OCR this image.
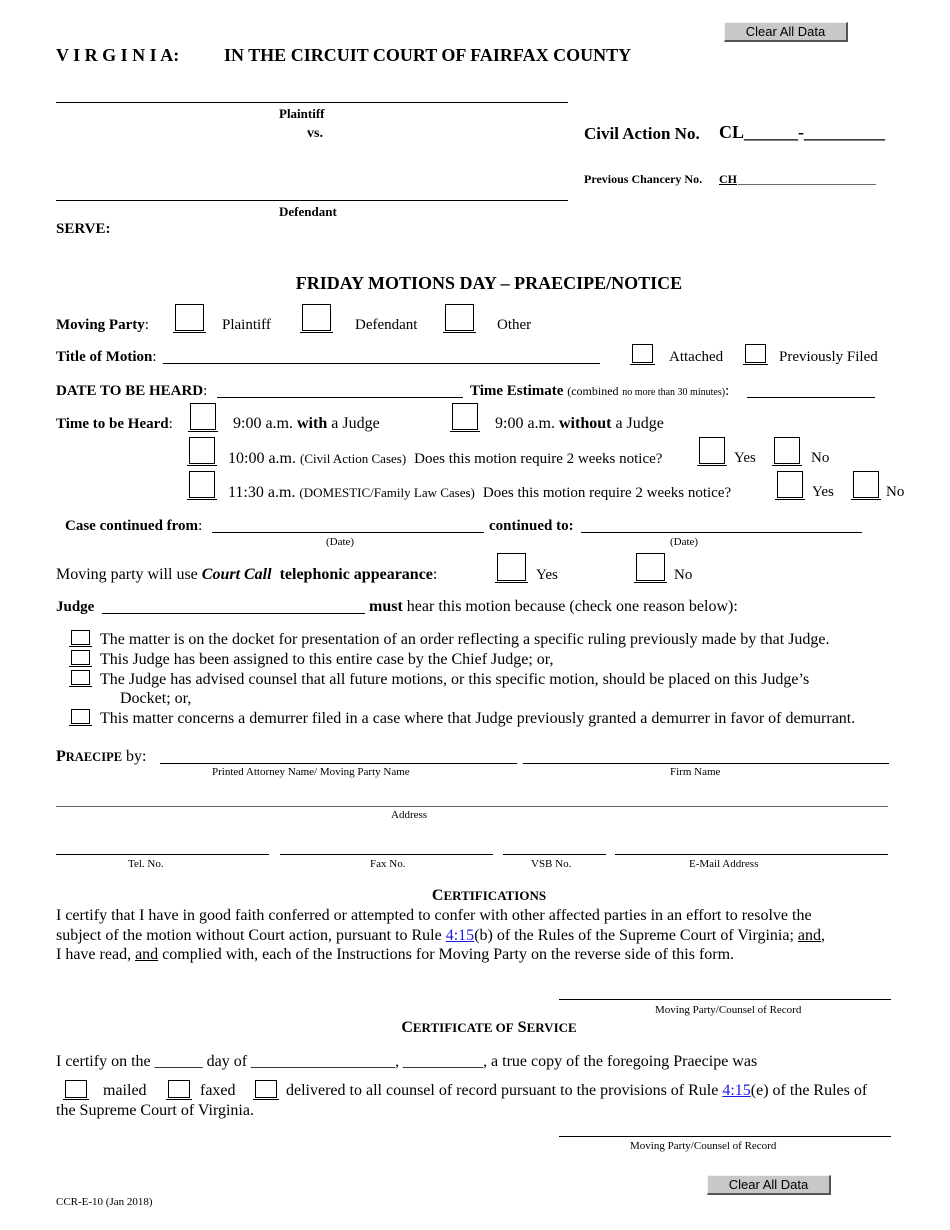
Clear All Data
V I R G I N I A: IN THE CIRCUIT COURT OF FAIRFAX COUNTY
Plaintiff
vs.
Defendant
SERVE:
Civil Action No. CL______-_________
Previous Chancery No. CH _______________________
FRIDAY MOTIONS DAY – PRAECIPE/NOTICE
Moving Party:	Plaintiff	Defendant	Other
Title of Motion:	Attached	Previously Filed
DATE TO BE HEARD:	Time Estimate (combined no more than 30 minutes):
Time to be Heard:	9:00 a.m. with a Judge	9:00 a.m. without a Judge
10:00 a.m. (Civil Action Cases) Does this motion require 2 weeks notice?	Yes	No
11:30 a.m. (DOMESTIC/Family Law Cases) Does this motion require 2 weeks notice?	Yes	No
Case continued from:
(Date)
continued to:
(Date)
Moving party will use Court Call telephonic appearance:	Yes	No
Judge	must hear this motion because (check one reason below):
The matter is on the docket for presentation of an order reflecting a specific ruling previously made by that Judge.
This Judge has been assigned to this entire case by the Chief Judge; or,
The Judge has advised counsel that all future motions, or this specific motion, should be placed on this Judge’s
Docket; or,
This matter concerns a demurrer filed in a case where that Judge previously granted a demurrer in favor of demurrant.
PRAECIPE by:
Printed Attorney Name/ Moving Party Name	Firm Name
Address
Tel. No.	Fax No.	VSB No.	E-Mail Address
CERTIFICATIONS
I certify that I have in good faith conferred or attempted to confer with other affected parties in an effort to resolve the
subject of the motion without Court action, pursuant to Rule 4:15(b) of the Rules of the Supreme Court of Virginia; and,
I have read, and complied with, each of the Instructions for Moving Party on the reverse side of this form.
Moving Party/Counsel of Record
CERTIFICATE OF SERVICE
I certify on the ______ day of __________________, __________, a true copy of the foregoing Praecipe was
mailed	faxed	delivered to all counsel of record pursuant to the provisions of Rule 4:15(e) of the Rules of
the Supreme Court of Virginia.
Moving Party/Counsel of Record
CCR-E-10 (Jan 2018)
Clear All Data
